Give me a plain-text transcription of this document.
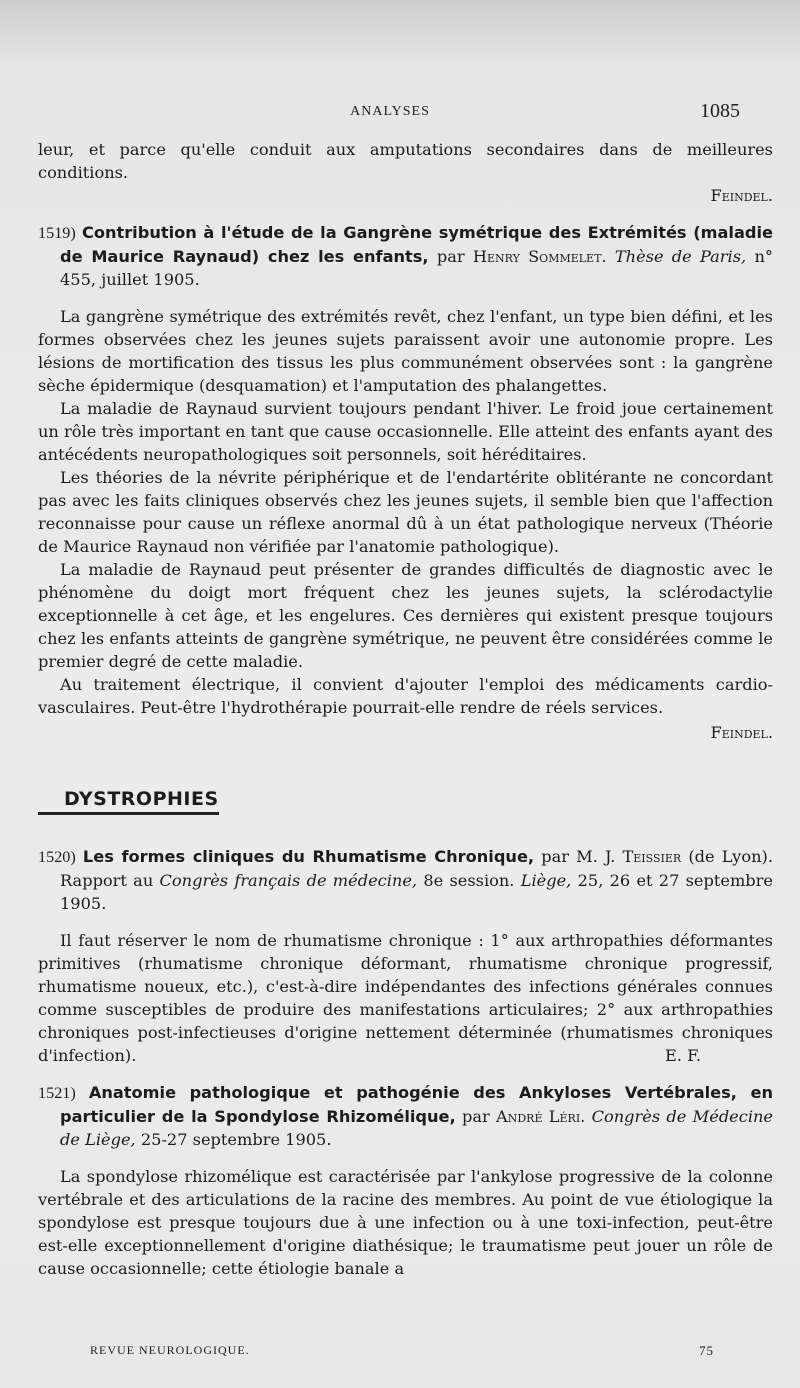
ANALYSES	1085

leur, et parce qu'elle conduit aux amputations secondaires dans de meilleures conditions.

Feindel.

1519) Contribution à l'étude de la Gangrène symétrique des Extrémités (maladie de Maurice Raynaud) chez les enfants, par Henry Sommelet. Thèse de Paris, n° 455, juillet 1905.

La gangrène symétrique des extrémités revêt, chez l'enfant, un type bien défini, et les formes observées chez les jeunes sujets paraissent avoir une autonomie propre. Les lésions de mortification des tissus les plus communément observées sont : la gangrène sèche épidermique (desquamation) et l'amputation des phalangettes.

La maladie de Raynaud survient toujours pendant l'hiver. Le froid joue certainement un rôle très important en tant que cause occasionnelle. Elle atteint des enfants ayant des antécédents neuropathologiques soit personnels, soit héréditaires.

Les théories de la névrite périphérique et de l'endartérite oblitérante ne concordant pas avec les faits cliniques observés chez les jeunes sujets, il semble bien que l'affection reconnaisse pour cause un réflexe anormal dû à un état pathologique nerveux (Théorie de Maurice Raynaud non vérifiée par l'anatomie pathologique).

La maladie de Raynaud peut présenter de grandes difficultés de diagnostic avec le phénomène du doigt mort fréquent chez les jeunes sujets, la sclérodactylie exceptionnelle à cet âge, et les engelures. Ces dernières qui existent presque toujours chez les enfants atteints de gangrène symétrique, ne peuvent être considérées comme le premier degré de cette maladie.

Au traitement électrique, il convient d'ajouter l'emploi des médicaments cardio-vasculaires. Peut-être l'hydrothérapie pourrait-elle rendre de réels services.

Feindel.

DYSTROPHIES

1520) Les formes cliniques du Rhumatisme Chronique, par M. J. Teissier (de Lyon). Rapport au Congrès français de médecine, 8e session. Liège, 25, 26 et 27 septembre 1905.

Il faut réserver le nom de rhumatisme chronique : 1° aux arthropathies déformantes primitives (rhumatisme chronique déformant, rhumatisme chronique progressif, rhumatisme noueux, etc.), c'est-à-dire indépendantes des infections générales connues comme susceptibles de produire des manifestations articulaires; 2° aux arthropathies chroniques post-infectieuses d'origine nettement déterminée (rhumatismes chroniques d'infection).	E. F.

1521) Anatomie pathologique et pathogénie des Ankyloses Vertébrales, en particulier de la Spondylose Rhizomélique, par André Léri. Congrès de Médecine de Liège, 25-27 septembre 1905.

La spondylose rhizomélique est caractérisée par l'ankylose progressive de la colonne vertébrale et des articulations de la racine des membres. Au point de vue étiologique la spondylose est presque toujours due à une infection ou à une toxi-infection, peut-être est-elle exceptionnellement d'origine diathésique; le traumatisme peut jouer un rôle de cause occasionnelle; cette étiologie banale a

REVUE NEUROLOGIQUE.	75
